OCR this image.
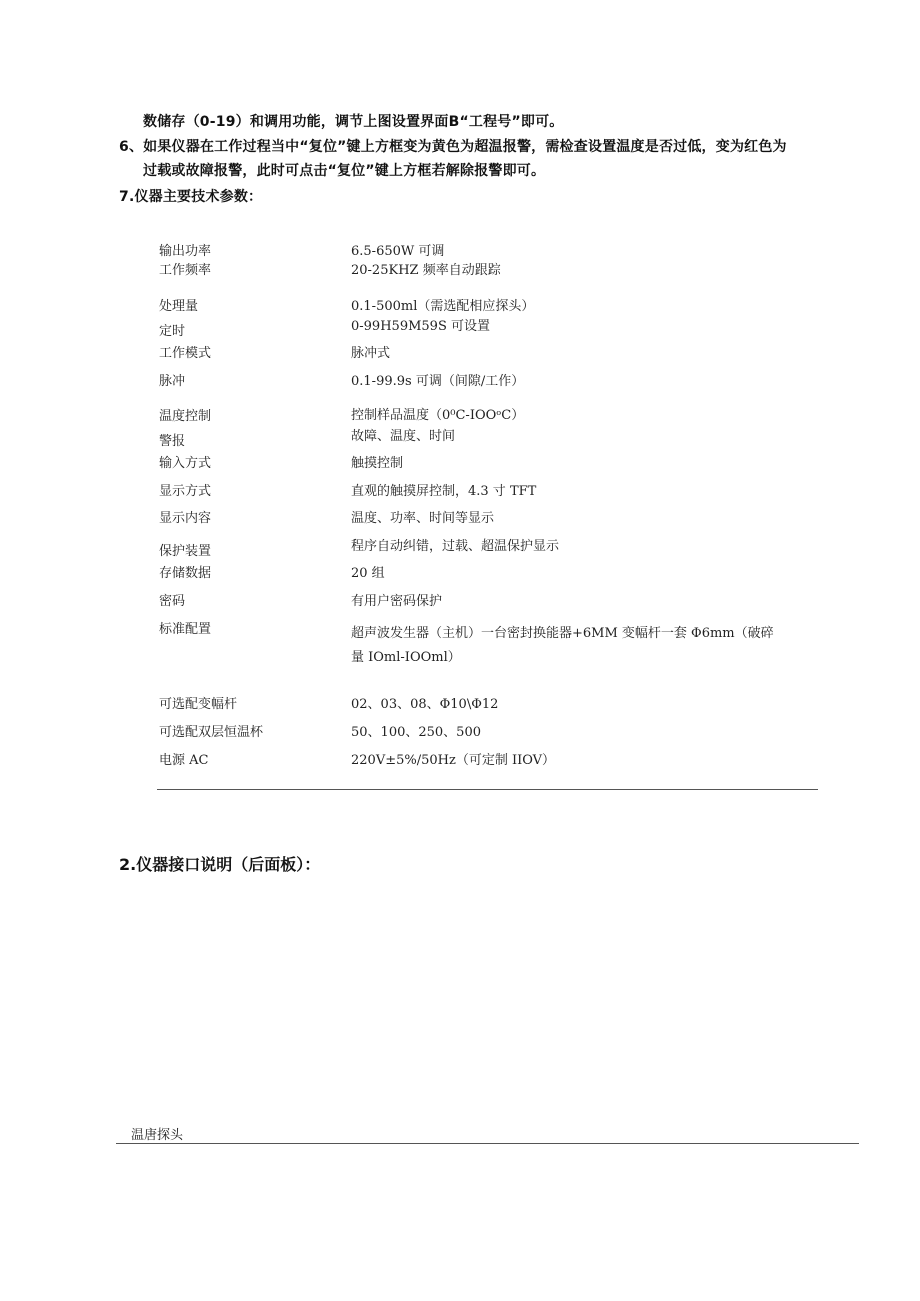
数储存（0-19）和调用功能，调节上图设置界面B“工程号”即可。
6、如果仪器在工作过程当中“复位”键上方框变为黄色为超温报警，需检查设置温度是否过低，变为红色为
过载或故障报警，此时可点击“复位”键上方框若解除报警即可。
7.仪器主要技术参数：
输出功率	6.5-650W 可调
工作频率	20-25KHZ 频率自动跟踪
处理量	0.1-500ml（需选配相应探头）
定时	0-99H59M59S 可设置
工作模式	脉冲式
脉冲	0.1-99.9s 可调（间隙/工作）
温度控制	控制样品温度（0⁰C-IOOᵒC）
警报	故障、温度、时间
输入方式	触摸控制
显示方式	直观的触摸屏控制，4.3 寸 TFT
显示内容	温度、功率、时间等显示
保护装置	程序自动纠错，过载、超温保护显示
存储数据	20 组
密码	有用户密码保护
标准配置	超声波发生器（主机）一台密封换能器+6MM 变幅杆一套 Φ6mm（破碎
量 IOml-IOOml）
可选配变幅杆	02、03、08、Φ10\Φ12
可选配双层恒温杯	50、100、250、500
电源 AC	220V±5%/50Hz（可定制 IIOV）
2.仪器接口说明（后面板）：
温唐探头
